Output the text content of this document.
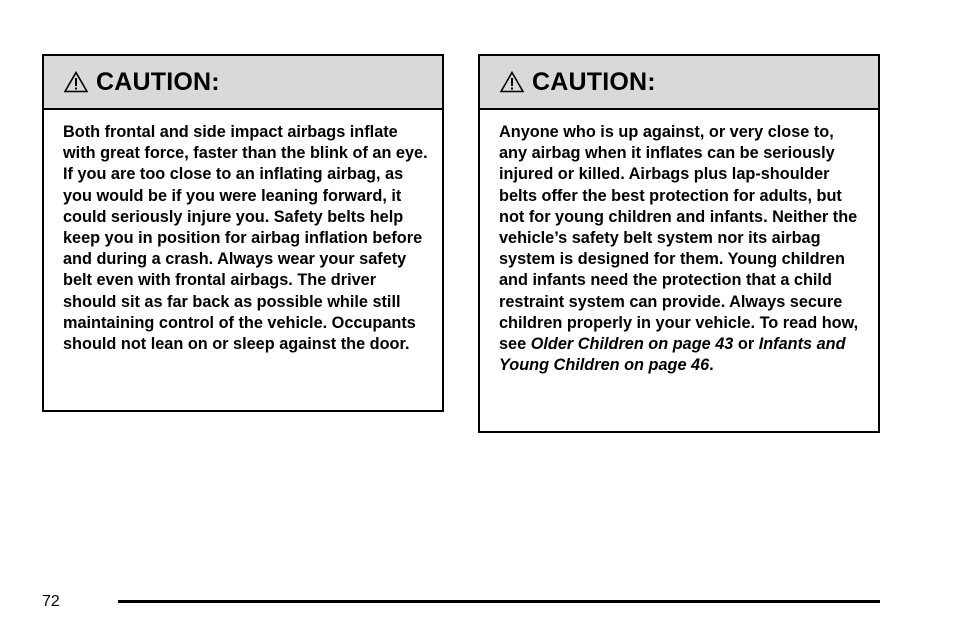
CAUTION:

Both frontal and side impact airbags inflate with great force, faster than the blink of an eye. If you are too close to an inflating airbag, as you would be if you were leaning forward, it could seriously injure you. Safety belts help keep you in position for airbag inflation before and during a crash. Always wear your safety belt even with frontal airbags. The driver should sit as far back as possible while still maintaining control of the vehicle. Occupants should not lean on or sleep against the door.

CAUTION:

Anyone who is up against, or very close to, any airbag when it inflates can be seriously injured or killed. Airbags plus lap-shoulder belts offer the best protection for adults, but not for young children and infants. Neither the vehicle’s safety belt system nor its airbag system is designed for them. Young children and infants need the protection that a child restraint system can provide. Always secure children properly in your vehicle. To read how, see Older Children on page 43 or Infants and Young Children on page 46.

72
